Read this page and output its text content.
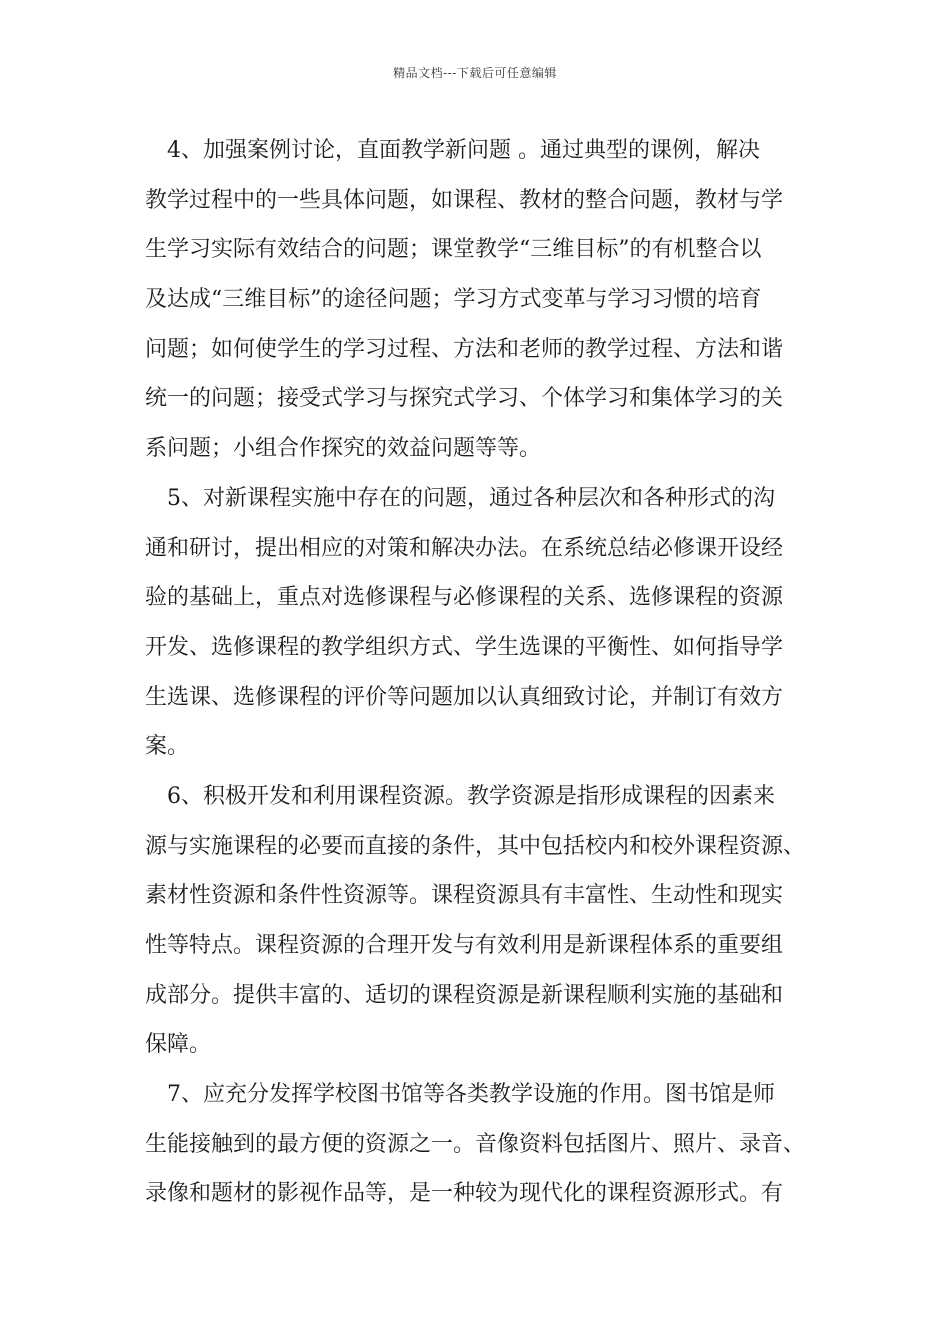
精品文档---下载后可任意编辑
4、加强案例讨论，直面教学新问题 。通过典型的课例，解决
教学过程中的一些具体问题，如课程、教材的整合问题，教材与学
生学习实际有效结合的问题；课堂教学“三维目标”的有机整合以
及达成“三维目标”的途径问题；学习方式变革与学习习惯的培育
问题；如何使学生的学习过程、方法和老师的教学过程、方法和谐
统一的问题；接受式学习与探究式学习、个体学习和集体学习的关
系问题；小组合作探究的效益问题等等。
5、对新课程实施中存在的问题，通过各种层次和各种形式的沟
通和研讨，提出相应的对策和解决办法。在系统总结必修课开设经
验的基础上，重点对选修课程与必修课程的关系、选修课程的资源
开发、选修课程的教学组织方式、学生选课的平衡性、如何指导学
生选课、选修课程的评价等问题加以认真细致讨论，并制订有效方
案。
6、积极开发和利用课程资源。教学资源是指形成课程的因素来
源与实施课程的必要而直接的条件，其中包括校内和校外课程资源、
素材性资源和条件性资源等。课程资源具有丰富性、生动性和现实
性等特点。课程资源的合理开发与有效利用是新课程体系的重要组
成部分。提供丰富的、适切的课程资源是新课程顺利实施的基础和
保障。
7、应充分发挥学校图书馆等各类教学设施的作用。图书馆是师
生能接触到的最方便的资源之一。音像资料包括图片、照片、录音、
录像和题材的影视作品等，是一种较为现代化的课程资源形式。有
